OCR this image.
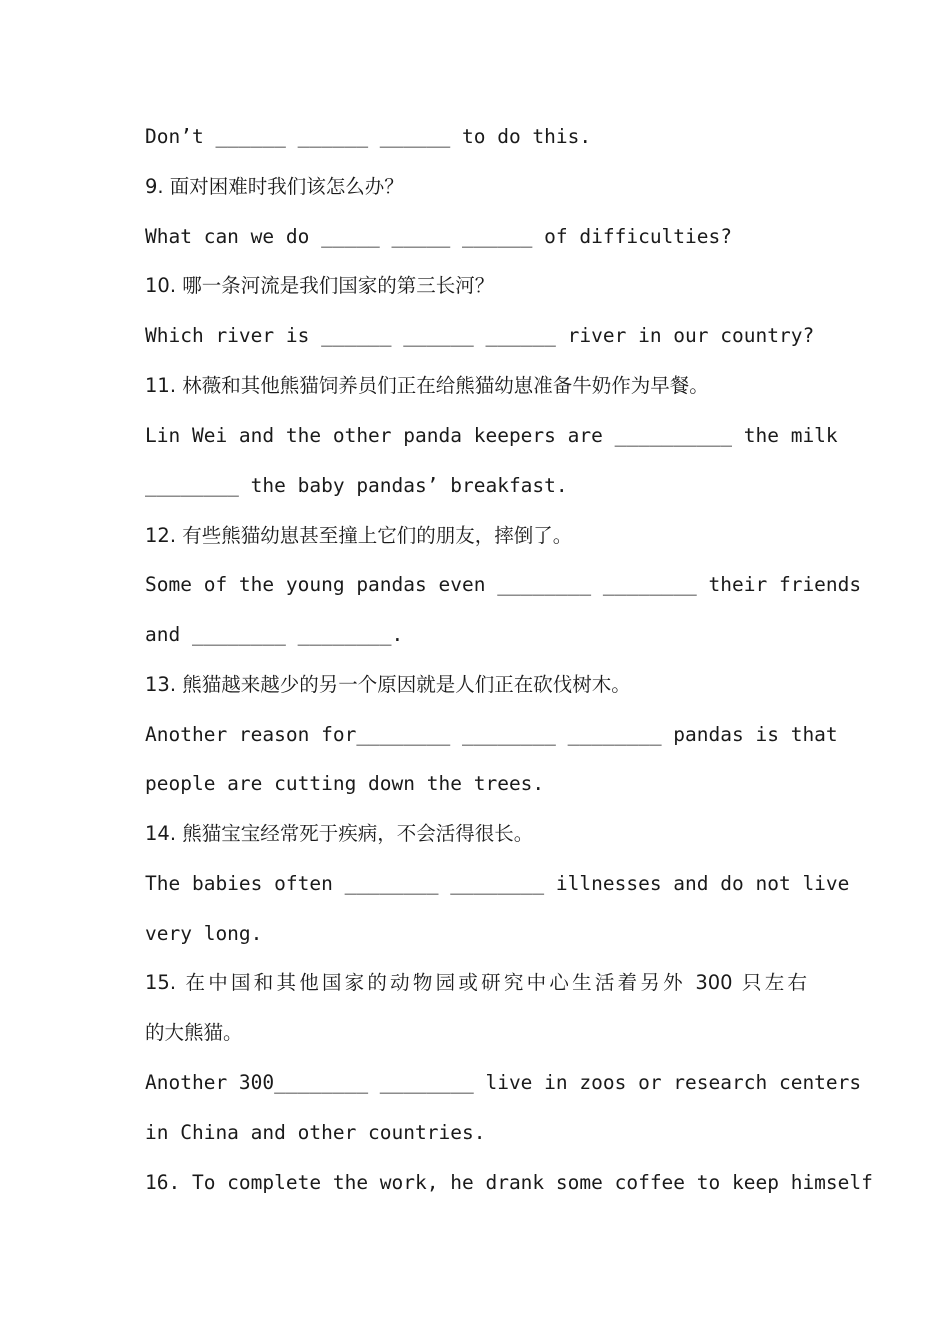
Don’t ______ ______ ______ to do this.
9. 面对困难时我们该怎么办？
What can we do _____ _____ ______ of difficulties?
10. 哪一条河流是我们国家的第三长河？
Which river is ______ ______ ______ river in our country?
11. 林薇和其他熊猫饲养员们正在给熊猫幼崽准备牛奶作为早餐。
Lin Wei and the other panda keepers are __________ the milk
________ the baby pandas’ breakfast.
12. 有些熊猫幼崽甚至撞上它们的朋友，摔倒了。
Some of the young pandas even ________ ________ their friends
and ________ ________.
13. 熊猫越来越少的另一个原因就是人们正在砍伐树木。
Another reason for________ ________ ________ pandas is that
people are cutting down the trees.
14. 熊猫宝宝经常死于疾病，不会活得很长。
The babies often ________ ________ illnesses and do not live
very long.
15. 在中国和其他国家的动物园或研究中心生活着另外 300 只左右
的大熊猫。
Another 300________ ________ live in zoos or research centers
in China and other countries.
16. To complete the work, he drank some coffee to keep himself
